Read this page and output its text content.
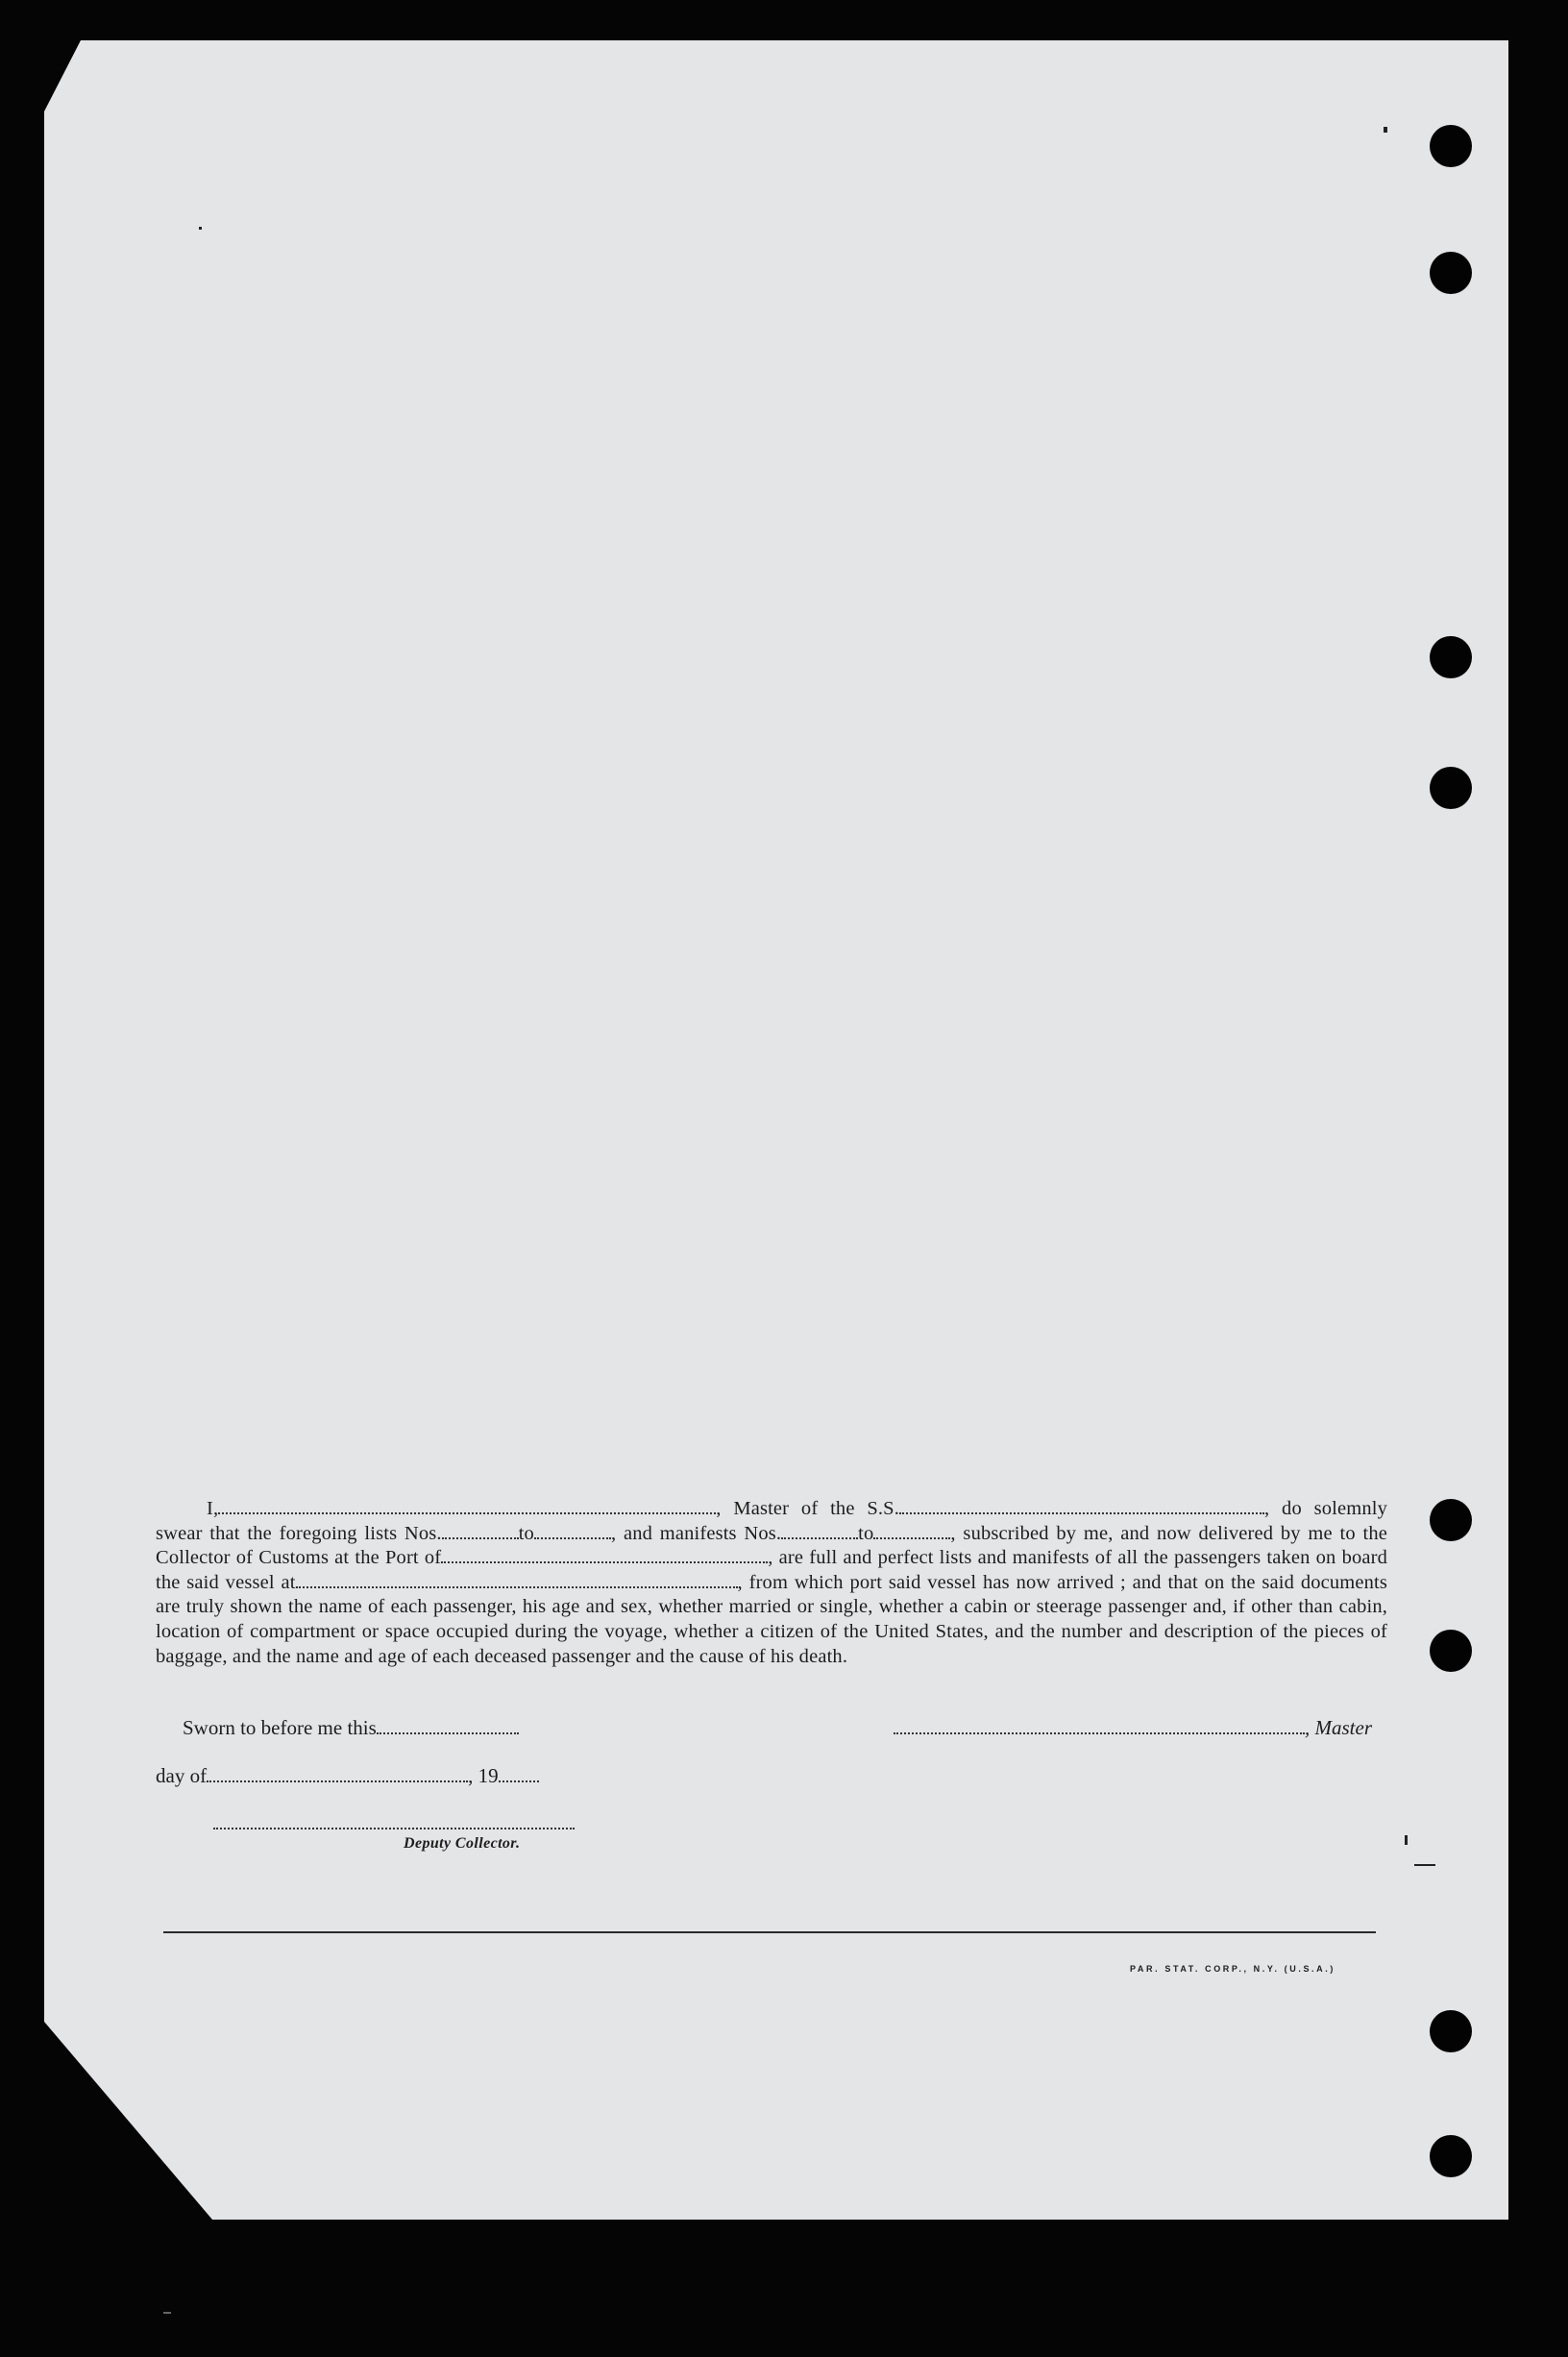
I,	, Master of the S.S.	, do solemnly swear that the foregoing lists Nos.	to	, and manifests Nos.	to	, subscribed by me, and now delivered by me to the Collector of Customs at the Port of	, are full and perfect lists and manifests of all the passengers taken on board the said vessel at	, from which port said vessel has now arrived ; and that on the said documents are truly shown the name of each passenger, his age and sex, whether married or single, whether a cabin or steerage passenger and, if other than cabin, location of compartment or space occupied during the voyage, whether a citizen of the United States, and the number and description of the pieces of baggage, and the name and age of each deceased passenger and the cause of his death.
Sworn to before me this	, Master
day of	, 19
Deputy Collector.
PAR. STAT. CORP., N.Y. (U.S.A.)
